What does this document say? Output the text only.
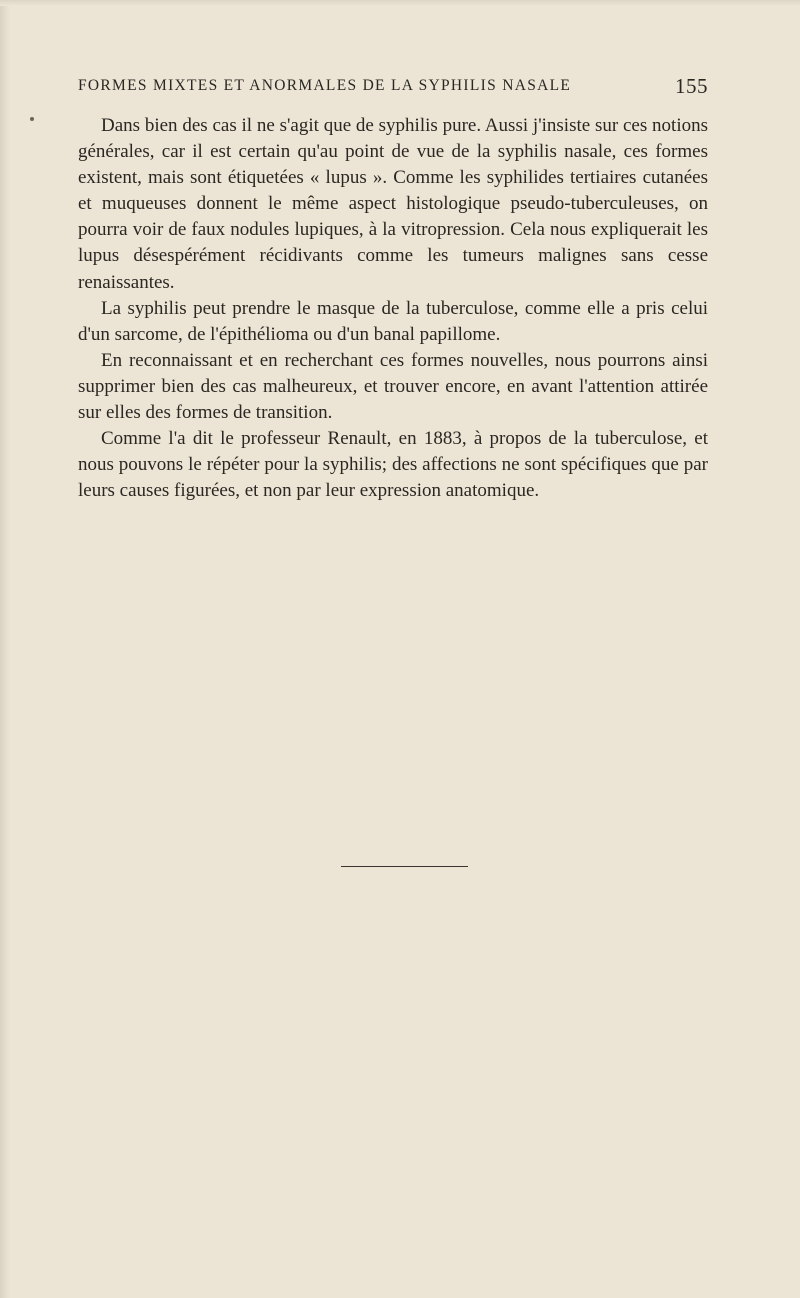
FORMES MIXTES ET ANORMALES DE LA SYPHILIS NASALE	155

Dans bien des cas il ne s'agit que de syphilis pure. Aussi j'insiste sur ces notions générales, car il est certain qu'au point de vue de la syphilis nasale, ces formes existent, mais sont étiquetées « lupus ». Comme les syphilides tertiaires cutanées et muqueuses donnent le même aspect histologique pseudo-tuberculeuses, on pourra voir de faux nodules lupiques, à la vitropression. Cela nous expliquerait les lupus désespérément récidivants comme les tumeurs malignes sans cesse renaissantes.

La syphilis peut prendre le masque de la tuberculose, comme elle a pris celui d'un sarcome, de l'épithélioma ou d'un banal papillome.

En reconnaissant et en recherchant ces formes nouvelles, nous pourrons ainsi supprimer bien des cas malheureux, et trouver encore, en avant l'attention attirée sur elles des formes de transition.

Comme l'a dit le professeur Renault, en 1883, à propos de la tuberculose, et nous pouvons le répéter pour la syphilis; des affections ne sont spécifiques que par leurs causes figurées, et non par leur expression anatomique.
